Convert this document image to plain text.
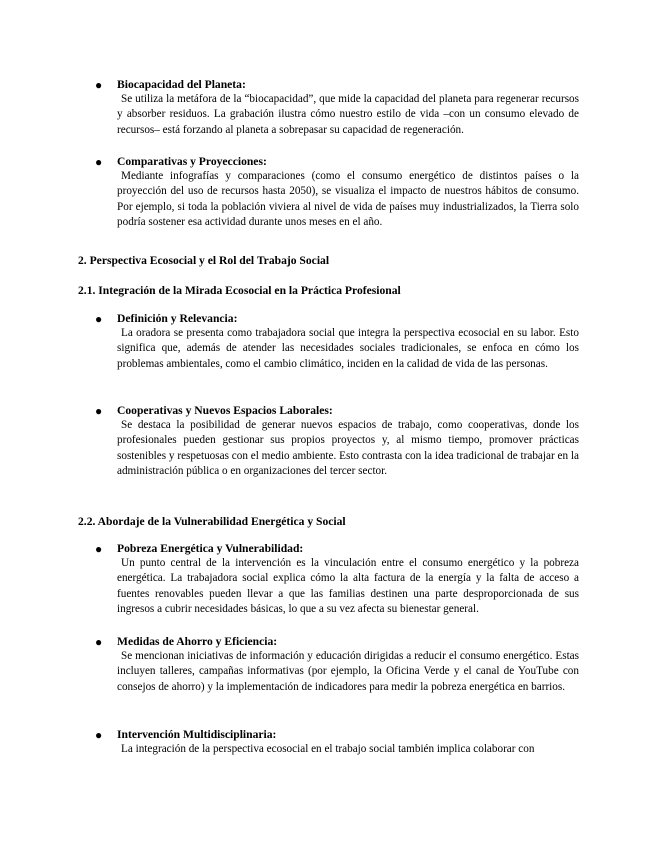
● Biocapacidad del Planeta:

Se utiliza la metáfora de la “biocapacidad”, que mide la capacidad del planeta para regenerar recursos y absorber residuos. La grabación ilustra cómo nuestro estilo de vida –con un consumo elevado de recursos– está forzando al planeta a sobrepasar su capacidad de regeneración.

● Comparativas y Proyecciones:

Mediante infografías y comparaciones (como el consumo energético de distintos países o la proyección del uso de recursos hasta 2050), se visualiza el impacto de nuestros hábitos de consumo. Por ejemplo, si toda la población viviera al nivel de vida de países muy industrializados, la Tierra solo podría sostener esa actividad durante unos meses en el año.

2. Perspectiva Ecosocial y el Rol del Trabajo Social
2.1. Integración de la Mirada Ecosocial en la Práctica Profesional
● Definición y Relevancia:

La oradora se presenta como trabajadora social que integra la perspectiva ecosocial en su labor. Esto significa que, además de atender las necesidades sociales tradicionales, se enfoca en cómo los problemas ambientales, como el cambio climático, inciden en la calidad de vida de las personas.

● Cooperativas y Nuevos Espacios Laborales:

Se destaca la posibilidad de generar nuevos espacios de trabajo, como cooperativas, donde los profesionales pueden gestionar sus propios proyectos y, al mismo tiempo, promover prácticas sostenibles y respetuosas con el medio ambiente. Esto contrasta con la idea tradicional de trabajar en la administración pública o en organizaciones del tercer sector.

2.2. Abordaje de la Vulnerabilidad Energética y Social
● Pobreza Energética y Vulnerabilidad:

Un punto central de la intervención es la vinculación entre el consumo energético y la pobreza energética. La trabajadora social explica cómo la alta factura de la energía y la falta de acceso a fuentes renovables pueden llevar a que las familias destinen una parte desproporcionada de sus ingresos a cubrir necesidades básicas, lo que a su vez afecta su bienestar general.

● Medidas de Ahorro y Eficiencia:

Se mencionan iniciativas de información y educación dirigidas a reducir el consumo energético. Estas incluyen talleres, campañas informativas (por ejemplo, la Oficina Verde y el canal de YouTube con consejos de ahorro) y la implementación de indicadores para medir la pobreza energética en barrios.

● Intervención Multidisciplinaria:

La integración de la perspectiva ecosocial en el trabajo social también implica colaborar con
